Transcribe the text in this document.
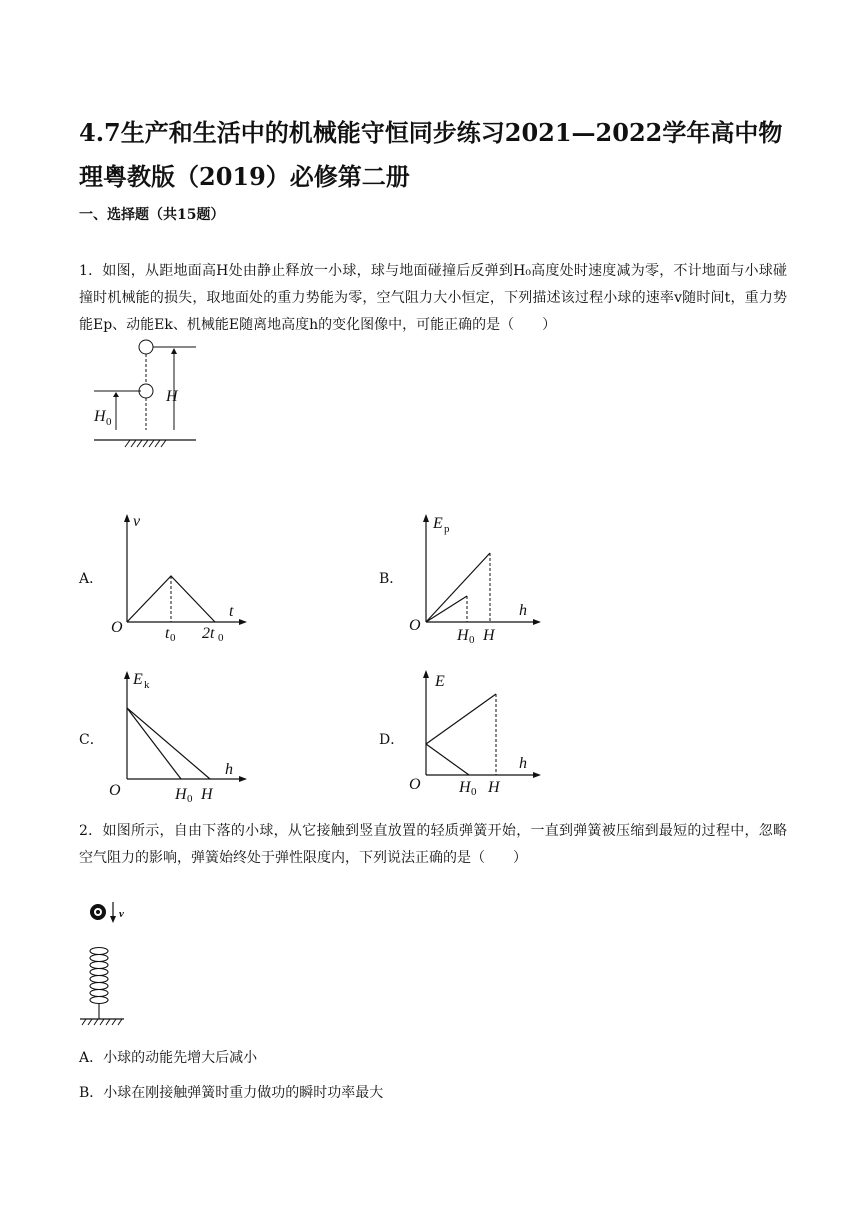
4.7生产和生活中的机械能守恒同步练习2021—2022学年高中物理粤教版（2019）必修第二册
一、选择题（共15题）
1．如图，从距地面高H处由静止释放一小球，球与地面碰撞后反弹到H₀高度处时速度减为零，不计地面与小球碰撞时机械能的损失，取地面处的重力势能为零，空气阻力大小恒定，下列描述该过程小球的速率v随时间t，重力势能Ep、动能Ek、机械能E随离地高度h的变化图像中，可能正确的是（　　）
H
H 0
A．
v
t
O	t 0 2t 0
B．
E p
h
O
H 0 H
C．
E k
h
O	H 0 H
D．
E
h
O H 0 H
2．如图所示，自由下落的小球，从它接触到竖直放置的轻质弹簧开始，一直到弹簧被压缩到最短的过程中，忽略空气阻力的影响，弹簧始终处于弹性限度内，下列说法正确的是（　　）
v
A．小球的动能先增大后减小
B．小球在刚接触弹簧时重力做功的瞬时功率最大
